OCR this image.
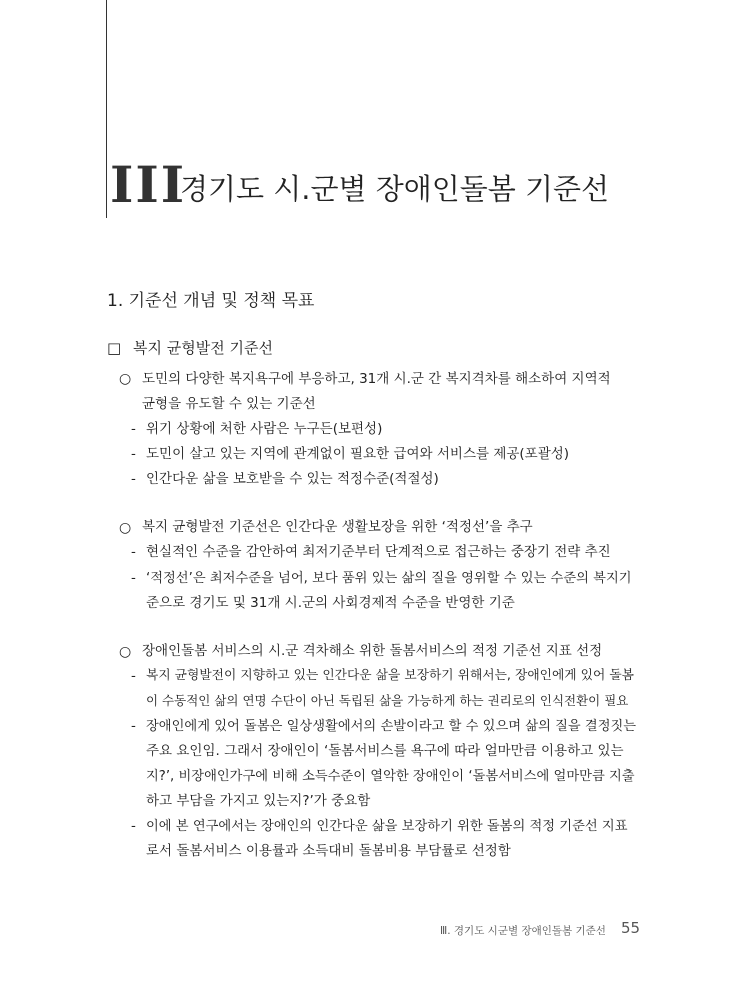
III
경기도 시.군별 장애인돌봄 기준선
1. 기준선 개념 및 정책 목표
□ 복지 균형발전 기준선
○ 도민의 다양한 복지욕구에 부응하고, 31개 시.군 간 복지격차를 해소하여 지역적
균형을 유도할 수 있는 기준선
- 위기 상황에 처한 사람은 누구든(보편성)
- 도민이 살고 있는 지역에 관계없이 필요한 급여와 서비스를 제공(포괄성)
- 인간다운 삶을 보호받을 수 있는 적정수준(적절성)
○ 복지 균형발전 기준선은 인간다운 생활보장을 위한 ‘적정선’을 추구
- 현실적인 수준을 감안하여 최저기준부터 단계적으로 접근하는 중장기 전략 추진
- ‘적정선’은 최저수준을 넘어, 보다 품위 있는 삶의 질을 영위할 수 있는 수준의 복지기
준으로 경기도 및 31개 시.군의 사회경제적 수준을 반영한 기준
○ 장애인돌봄 서비스의 시.군 격차해소 위한 돌봄서비스의 적정 기준선 지표 선정
- 복지 균형발전이 지향하고 있는 인간다운 삶을 보장하기 위해서는, 장애인에게 있어 돌봄
이 수동적인 삶의 연명 수단이 아닌 독립된 삶을 가능하게 하는 권리로의 인식전환이 필요
- 장애인에게 있어 돌봄은 일상생활에서의 손발이라고 할 수 있으며 삶의 질을 결정짓는
주요 요인임. 그래서 장애인이 ‘돌봄서비스를 욕구에 따라 얼마만큼 이용하고 있는
지?’, 비장애인가구에 비해 소득수준이 열악한 장애인이 ‘돌봄서비스에 얼마만큼 지출
하고 부담을 가지고 있는지?’가 중요함
- 이에 본 연구에서는 장애인의 인간다운 삶을 보장하기 위한 돌봄의 적정 기준선 지표
로서 돌봄서비스 이용률과 소득대비 돌봄비용 부담률로 선정함
Ⅲ. 경기도 시군별 장애인돌봄 기준선 55
